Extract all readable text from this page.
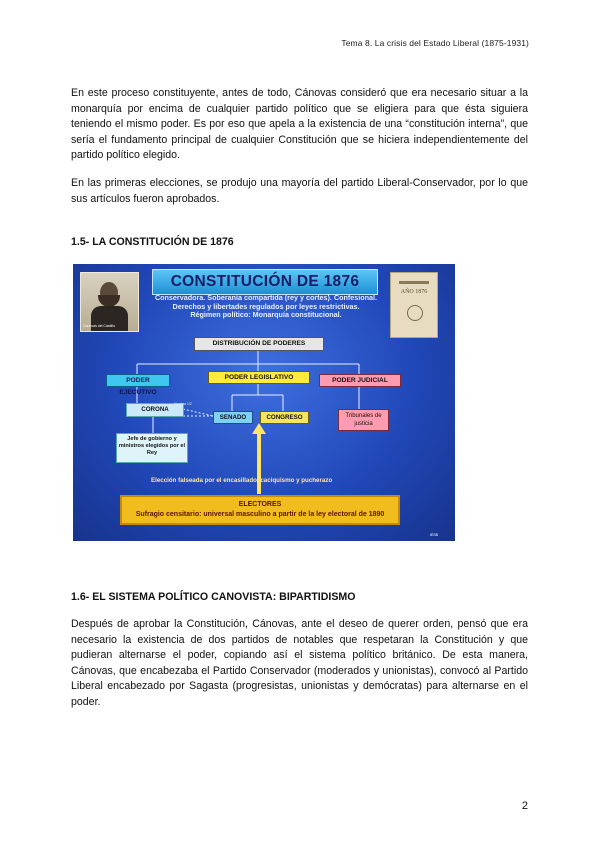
Tema 8. La crisis del Estado Liberal (1875-1931)

En este proceso constituyente, antes de todo, Cánovas consideró que era necesario situar a la monarquía por encima de cualquier partido político que se eligiera para que ésta siguiera teniendo el mismo poder. Es por eso que apela a la existencia de una “constitución interna”, que sería el fundamento principal de cualquier Constitución que se hiciera independientemente del partido político elegido.

En las primeras elecciones, se produjo una mayoría del partido Liberal-Conservador, por lo que sus artículos fueron aprobados.

1.5- LA CONSTITUCIÓN DE 1876
Cánovas del Castillo
AÑO 1876
CONSTITUCIÓN DE 1876
Conservadora. Soberanía compartida (rey y cortes). Confesional.
Derechos y libertades regulados por leyes restrictivas.
Régimen político: Monarquía constitucional.
DISTRIBUCIÓN DE PODERES
PODER EJECUTIVO
PODER LEGISLATIVO	PODER JUDICIAL
CORONA
Nombra 1/2
SENADO	CONGRESO	Tribunales de justicia
Jefe de gobierno y ministros elegidos por el Rey
Elección falseada por el encasillado, caciquismo y pucherazo
ELECTORES
Sufragio censitario: universal masculino a partir de la ley electoral de 1890
IESB
1.6- EL SISTEMA POLÍTICO CANOVISTA: BIPARTIDISMO

Después de aprobar la Constitución, Cánovas, ante el deseo de querer orden, pensó que era necesario la existencia de dos partidos de notables que respetaran la Constitución y que pudieran alternarse el poder, copiando así el sistema político británico. De esta manera, Cánovas, que encabezaba el Partido Conservador (moderados y unionistas), convocó al Partido Liberal encabezado por Sagasta (progresistas, unionistas y demócratas) para alternarse en el poder.

2
